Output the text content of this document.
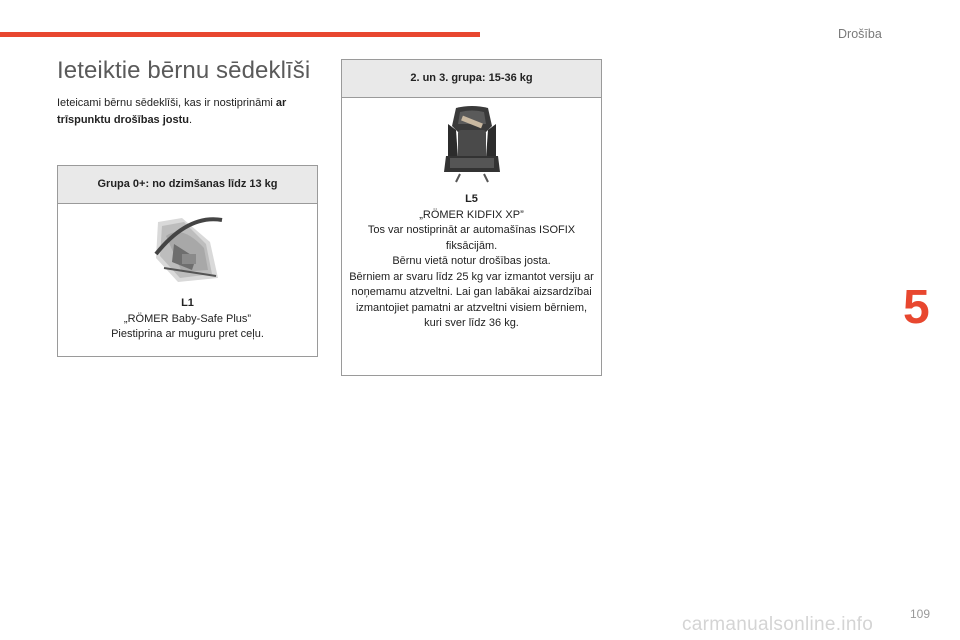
Drošība
5
Ieteiktie bērnu sēdeklīši

Ieteicami bērnu sēdeklīši, kas ir nostiprināmi ar trīspunktu drošības jostu.

Grupa 0+: no dzimšanas līdz 13 kg
L1
„RÖMER Baby-Safe Plus”
Piestiprina ar muguru pret ceļu.
2. un 3. grupa: 15-36 kg
L5
„RÖMER KIDFIX XP”
Tos var nostiprināt ar automašīnas ISOFIX fiksācijām.
Bērnu vietā notur drošības josta.
Bērniem ar svaru līdz 25 kg var izmantot versiju ar noņemamu atzveltni. Lai gan labākai aizsardzībai izmantojiet pamatni ar atzveltni visiem bērniem, kuri sver līdz 36 kg.
109
carmanualsonline.info
